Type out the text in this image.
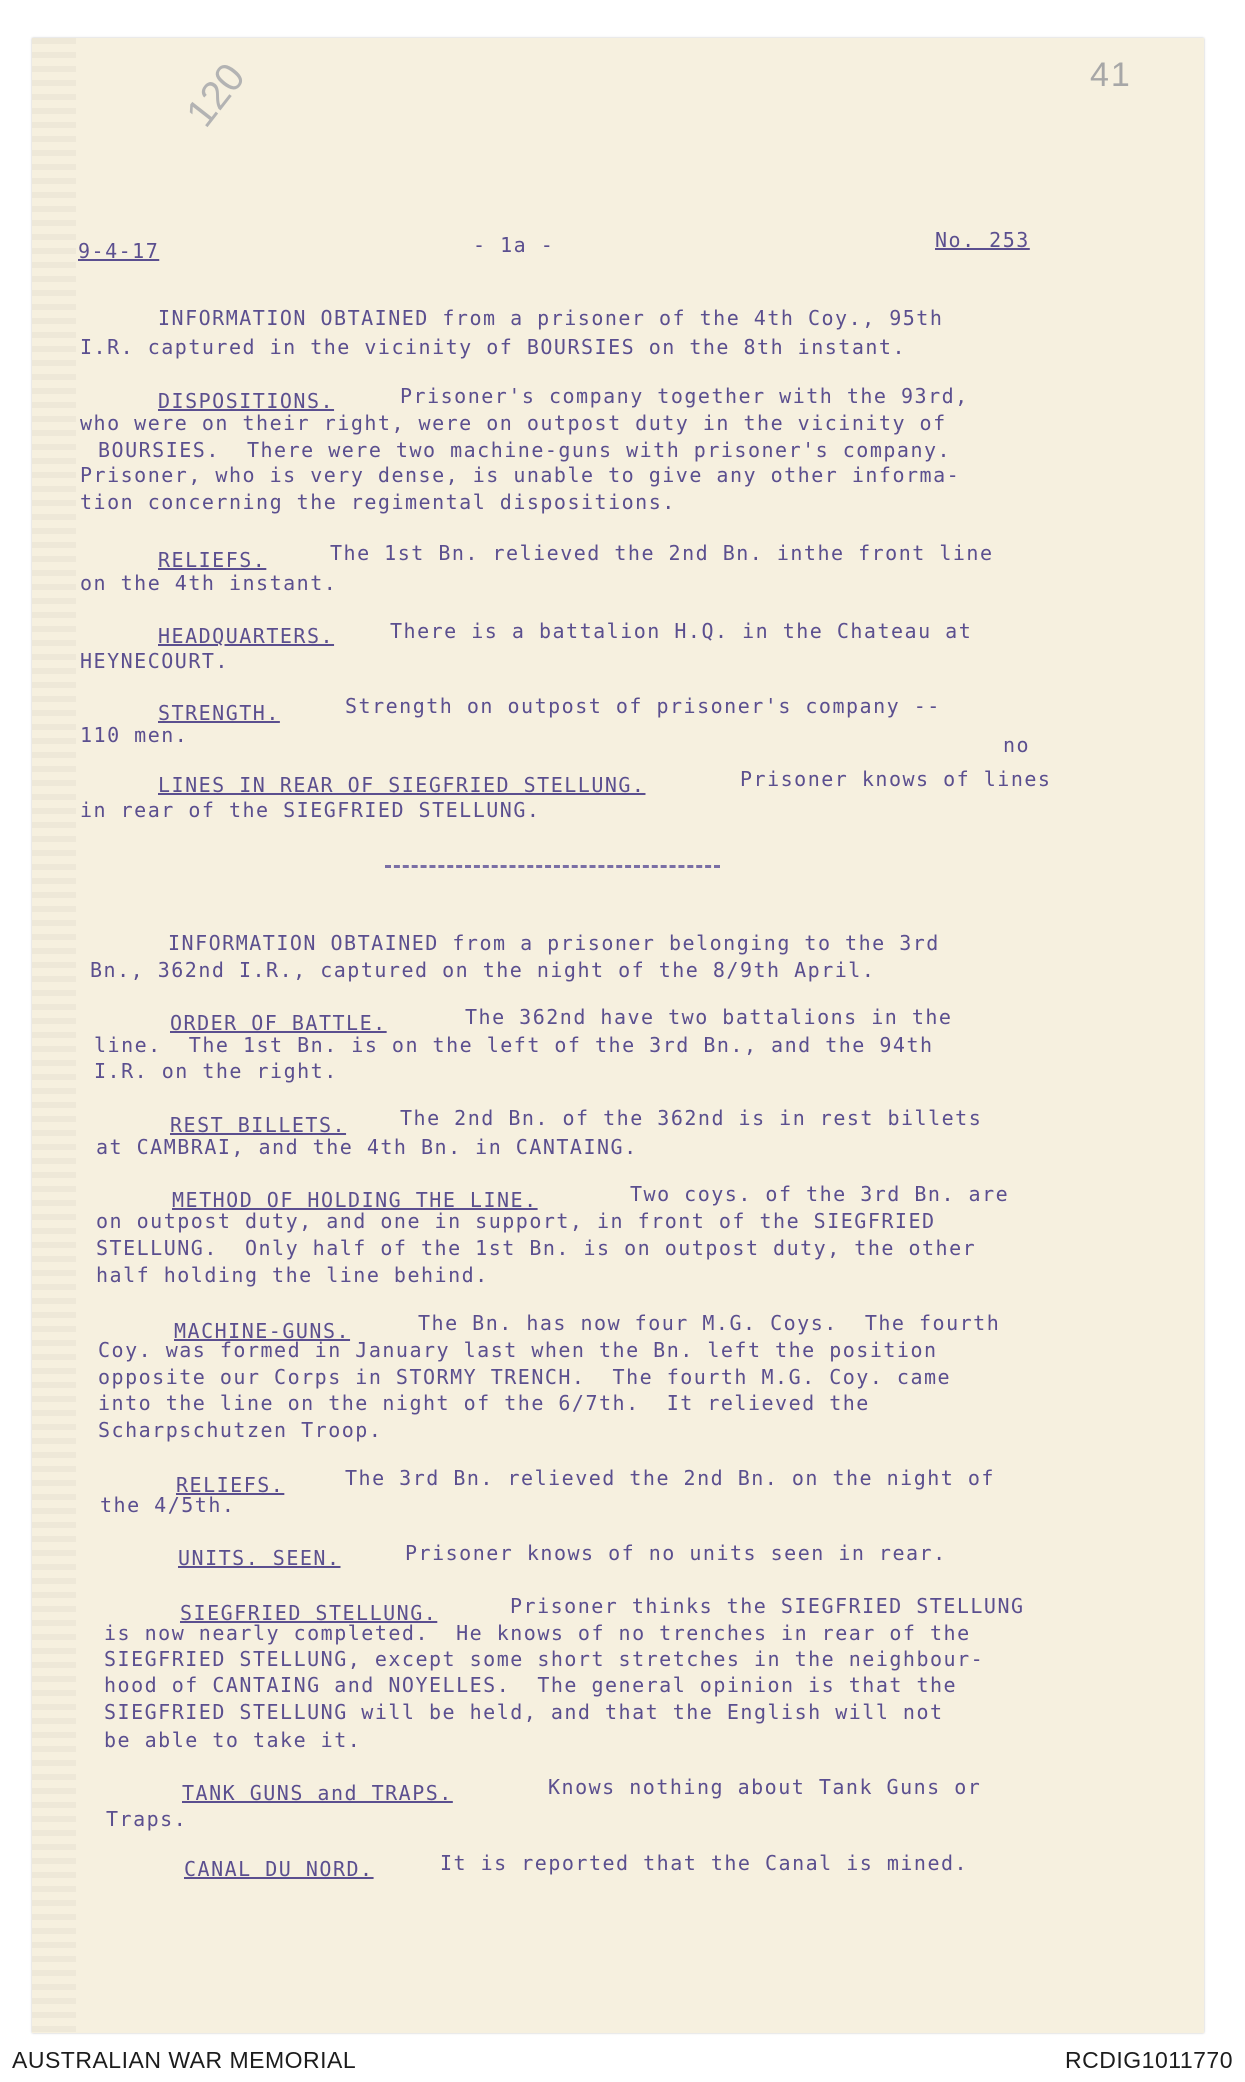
41
120
9-4-17	- 1a -	No. 253
INFORMATION OBTAINED from a prisoner of the 4th Coy., 95th
I.R. captured in the vicinity of BOURSIES on the 8th instant.
DISPOSITIONS.	Prisoner's company together with the 93rd,
who were on their right, were on outpost duty in the vicinity of
BOURSIES.  There were two machine-guns with prisoner's company.
Prisoner, who is very dense, is unable to give any other informa-
tion concerning the regimental dispositions.
RELIEFS.	The 1st Bn. relieved the 2nd Bn. inthe front line
on the 4th instant.
HEADQUARTERS.	There is a battalion H.Q. in the Chateau at
HEYNECOURT.
STRENGTH.	Strength on outpost of prisoner's company --
110 men.	no
LINES IN REAR OF SIEGFRIED STELLUNG.	Prisoner knows of lines
in rear of the SIEGFRIED STELLUNG.
INFORMATION OBTAINED from a prisoner belonging to the 3rd
Bn., 362nd I.R., captured on the night of the 8/9th April.
ORDER OF BATTLE.	The 362nd have two battalions in the
line.  The 1st Bn. is on the left of the 3rd Bn., and the 94th
I.R. on the right.
REST BILLETS.	The 2nd Bn. of the 362nd is in rest billets
at CAMBRAI, and the 4th Bn. in CANTAING.
METHOD OF HOLDING THE LINE.	Two coys. of the 3rd Bn. are
on outpost duty, and one in support, in front of the SIEGFRIED
STELLUNG.  Only half of the 1st Bn. is on outpost duty, the other
half holding the line behind.
MACHINE-GUNS.	The Bn. has now four M.G. Coys.  The fourth
Coy. was formed in January last when the Bn. left the position
opposite our Corps in STORMY TRENCH.  The fourth M.G. Coy. came
into the line on the night of the 6/7th.  It relieved the
Scharpschutzen Troop.
RELIEFS.	The 3rd Bn. relieved the 2nd Bn. on the night of
the 4/5th.
UNITS. SEEN.	Prisoner knows of no units seen in rear.
SIEGFRIED STELLUNG.	Prisoner thinks the SIEGFRIED STELLUNG
is now nearly completed.  He knows of no trenches in rear of the
SIEGFRIED STELLUNG, except some short stretches in the neighbour-
hood of CANTAING and NOYELLES.  The general opinion is that the
SIEGFRIED STELLUNG will be held, and that the English will not
be able to take it.
TANK GUNS and TRAPS.	Knows nothing about Tank Guns or
Traps.
CANAL DU NORD.	It is reported that the Canal is mined.
AUSTRALIAN WAR MEMORIAL	RCDIG1011770
